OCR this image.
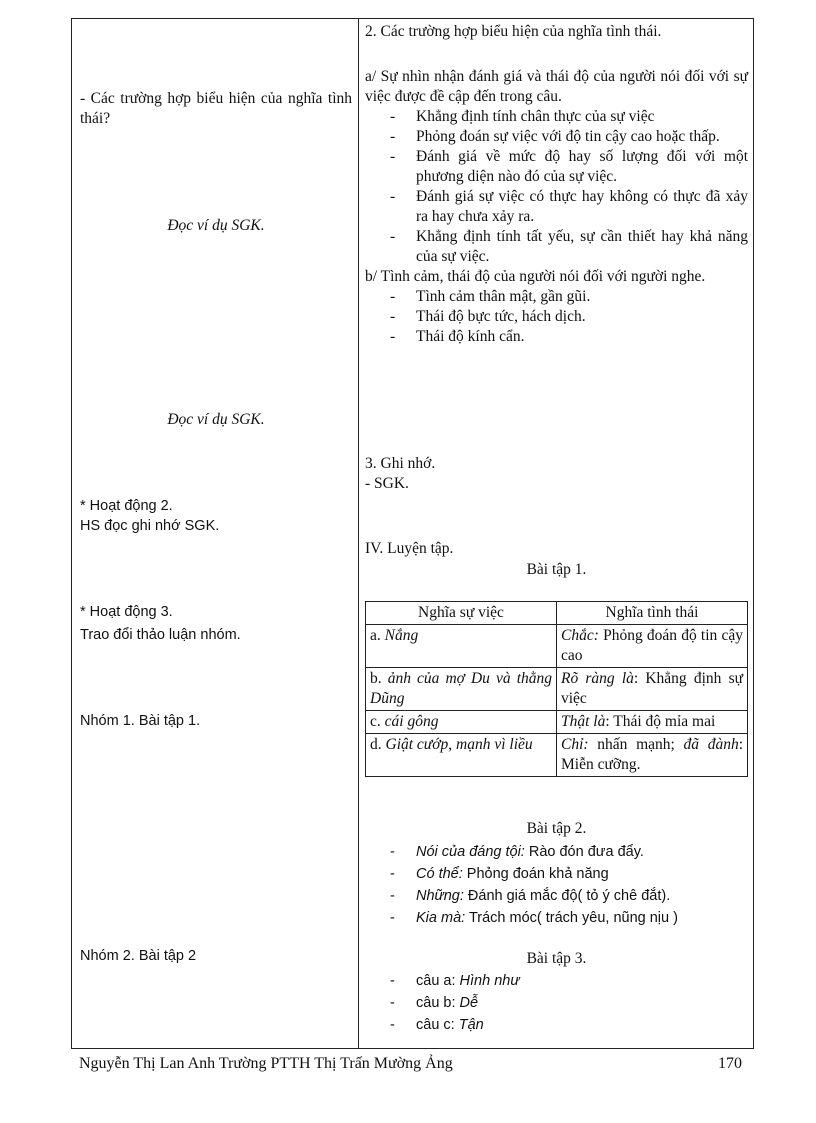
- Các trường hợp biểu hiện của nghĩa tình thái?
Đọc ví dụ SGK.
Đọc ví dụ SGK.
* Hoạt động 2.
HS đọc ghi nhớ SGK.
* Hoạt động 3.
Trao đổi thảo luận nhóm.
Nhóm 1. Bài tập 1.
Nhóm 2. Bài tập 2
2. Các trường hợp biểu hiện của nghĩa tình thái.
a/ Sự nhìn nhận đánh giá và thái độ của người nói đối với sự việc được đề cập đến trong câu.
- Khẳng định tính chân thực của sự việc
- Phỏng đoán sự việc với độ tin cậy cao hoặc thấp.
- Đánh giá về mức độ hay số lượng đối với một phương diện nào đó của sự việc.
- Đánh giá sự việc có thực hay không có thực đã xảy ra hay chưa xảy ra.
- Khẳng định tính tất yếu, sự cần thiết hay khả năng của sự việc.
b/ Tình cảm, thái độ của người nói đối với người nghe.
- Tình cảm thân mật, gần gũi.
- Thái độ bực tức, hách dịch.
- Thái độ kính cẩn.
3. Ghi nhớ.
- SGK.
IV. Luyện tập.
Bài tập 1.
Nghĩa sự việc	Nghĩa tình thái
a. Nắng	Chắc: Phỏng đoán độ tin cậy cao
b. ảnh của mợ Du và thằng Dũng	Rõ ràng là: Khẳng định sự việc
c. cái gông	Thật là: Thái độ mỉa mai
d. Giật cướp, mạnh vì liều	Chỉ: nhấn mạnh; đã đành: Miễn cưỡng.
Bài tập 2.
- Nói của đáng tội: Rào đón đưa đẩy.
- Có thể: Phỏng đoán khả năng
- Những: Đánh giá mắc độ( tỏ ý chê đắt).
- Kia mà: Trách móc( trách yêu, nũng nịu )
Bài tập 3.
- câu a: Hình như
- câu b: Dễ
- câu c: Tận
Nguyễn Thị Lan Anh Trường PTTH Thị Trấn Mường Ảng	170
